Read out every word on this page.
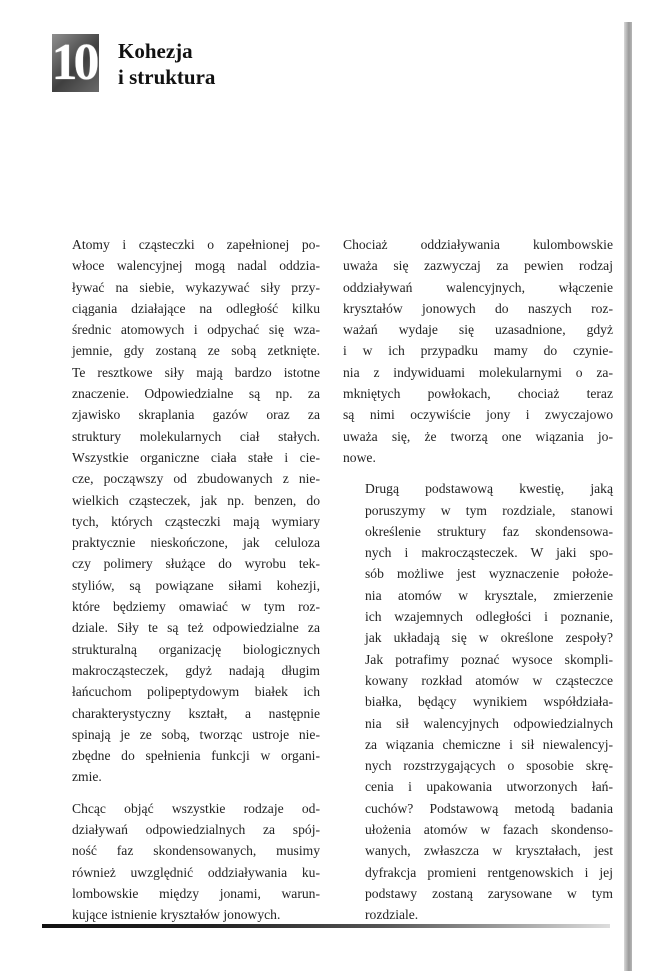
10 Kohezja
i struktura

Atomy i cząsteczki o zapełnionej po-
włoce walencyjnej mogą nadal oddzia-
ływać na siebie, wykazywać siły przy-
ciągania działające na odległość kilku
średnic atomowych i odpychać się wza-
jemnie, gdy zostaną ze sobą zetknięte.
Te resztkowe siły mają bardzo istotne
znaczenie. Odpowiedzialne są np. za
zjawisko skraplania gazów oraz za
struktury molekularnych ciał stałych.
Wszystkie organiczne ciała stałe i cie-
cze, począwszy od zbudowanych z nie-
wielkich cząsteczek, jak np. benzen, do
tych, których cząsteczki mają wymiary
praktycznie nieskończone, jak celuloza
czy polimery służące do wyrobu tek-
styliów, są powiązane siłami kohezji,
które będziemy omawiać w tym roz-
dziale. Siły te są też odpowiedzialne za
strukturalną organizację biologicznych
makrocząsteczek, gdyż nadają długim
łańcuchom polipeptydowym białek ich
charakterystyczny kształt, a następnie
spinają je ze sobą, tworząc ustroje nie-
zbędne do spełnienia funkcji w organi-
zmie.

Chcąc objąć wszystkie rodzaje od-
działywań odpowiedzialnych za spój-
ność faz skondensowanych, musimy
również uwzględnić oddziaływania ku-
lombowskie między jonami, warun-
kujące istnienie kryształów jonowych.

Chociaż oddziaływania kulombowskie
uważa się zazwyczaj za pewien rodzaj
oddziaływań walencyjnych, włączenie
kryształów jonowych do naszych roz-
ważań wydaje się uzasadnione, gdyż
i w ich przypadku mamy do czynie-
nia z indywiduami molekularnymi o za-
mkniętych powłokach, chociaż teraz
są nimi oczywiście jony i zwyczajowo
uważa się, że tworzą one wiązania jo-
nowe.

Drugą podstawową kwestię, jaką
poruszymy w tym rozdziale, stanowi
określenie struktury faz skondensowa-
nych i makrocząsteczek. W jaki spo-
sób możliwe jest wyznaczenie położe-
nia atomów w krysztale, zmierzenie
ich wzajemnych odległości i poznanie,
jak układają się w określone zespoły?
Jak potrafimy poznać wysoce skompli-
kowany rozkład atomów w cząsteczce
białka, będący wynikiem współdziała-
nia sił walencyjnych odpowiedzialnych
za wiązania chemiczne i sił niewalencyj-
nych rozstrzygających o sposobie skrę-
cenia i upakowania utworzonych łań-
cuchów? Podstawową metodą badania
ułożenia atomów w fazach skondenso-
wanych, zwłaszcza w kryształach, jest
dyfrakcja promieni rentgenowskich i jej
podstawy zostaną zarysowane w tym
rozdziale.
